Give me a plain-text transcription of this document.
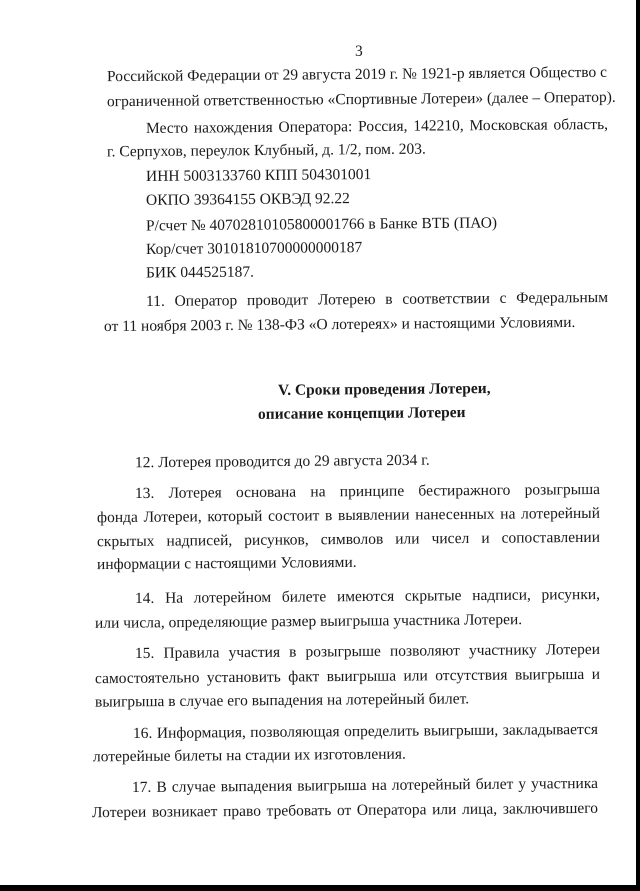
3
Российской Федерации от 29 августа 2019 г. № 1921-р является Общество с
ограниченной ответственностью «Спортивные Лотереи» (далее – Оператор).
Место нахождения Оператора: Россия, 142210, Московская область,
г. Серпухов, переулок Клубный, д. 1/2, пом. 203.
ИНН 5003133760 КПП 504301001
ОКПО 39364155 ОКВЭД 92.22
Р/счет № 40702810105800001766 в Банке ВТБ (ПАО)
Кор/счет 30101810700000000187
БИК 044525187.
11. Оператор проводит Лотерею в соответствии с Федеральным
от 11 ноября 2003 г. № 138-ФЗ «О лотереях» и настоящими Условиями.
V. Сроки проведения Лотереи,
описание концепции Лотереи
12. Лотерея проводится до 29 августа 2034 г.
13. Лотерея основана на принципе бестиражного розыгрыша
фонда Лотереи, который состоит в выявлении нанесенных на лотерейный
скрытых надписей, рисунков, символов или чисел и сопоставлении
информации с настоящими Условиями.
14. На лотерейном билете имеются скрытые надписи, рисунки,
или числа, определяющие размер выигрыша участника Лотереи.
15. Правила участия в розыгрыше позволяют участнику Лотереи
самостоятельно установить факт выигрыша или отсутствия выигрыша и
выигрыша в случае его выпадения на лотерейный билет.
16. Информация, позволяющая определить выигрыши, закладывается
лотерейные билеты на стадии их изготовления.
17. В случае выпадения выигрыша на лотерейный билет у участника
Лотереи возникает право требовать от Оператора или лица, заключившего
